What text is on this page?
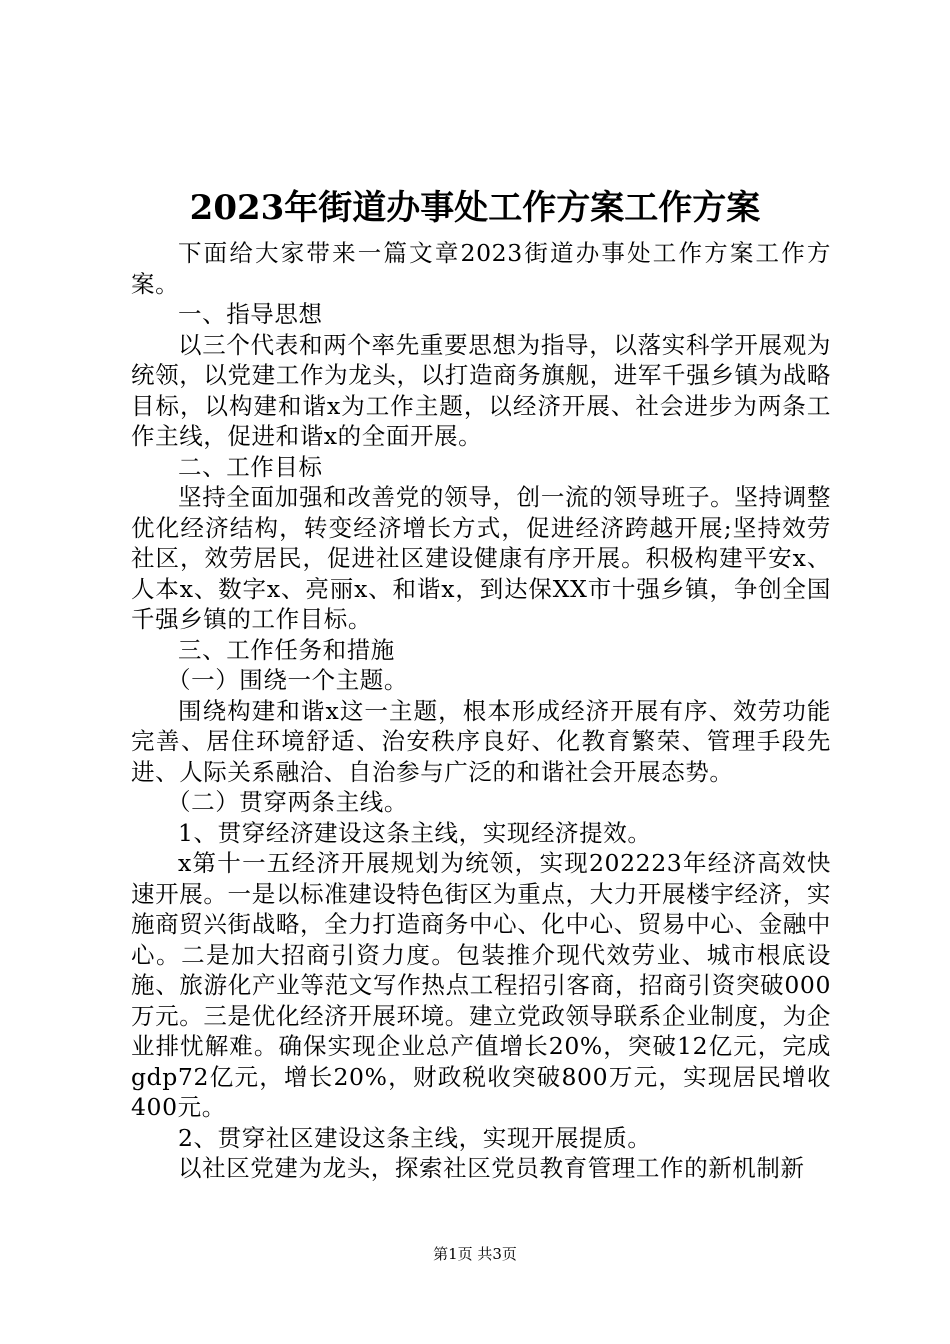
2023年街道办事处工作方案工作方案

下面给大家带来一篇文章2023街道办事处工作方案工作方案。

一、指导思想

以三个代表和两个率先重要思想为指导，以落实科学开展观为统领，以党建工作为龙头，以打造商务旗舰，进军千强乡镇为战略目标，以构建和谐x为工作主题，以经济开展、社会进步为两条工作主线，促进和谐x的全面开展。

二、工作目标

坚持全面加强和改善党的领导，创一流的领导班子。坚持调整优化经济结构，转变经济增长方式，促进经济跨越开展;坚持效劳社区，效劳居民，促进社区建设健康有序开展。积极构建平安x、人本x、数字x、亮丽x、和谐x，到达保XX市十强乡镇，争创全国千强乡镇的工作目标。

三、工作任务和措施

（一）围绕一个主题。

围绕构建和谐x这一主题，根本形成经济开展有序、效劳功能完善、居住环境舒适、治安秩序良好、化教育繁荣、管理手段先进、人际关系融洽、自治参与广泛的和谐社会开展态势。

（二）贯穿两条主线。

1、贯穿经济建设这条主线，实现经济提效。

x第十一五经济开展规划为统领，实现202223年经济高效快速开展。一是以标准建设特色街区为重点，大力开展楼宇经济，实施商贸兴街战略，全力打造商务中心、化中心、贸易中心、金融中心。二是加大招商引资力度。包装推介现代效劳业、城市根底设施、旅游化产业等范文写作热点工程招引客商，招商引资突破000万元。三是优化经济开展环境。建立党政领导联系企业制度，为企业排忧解难。确保实现企业总产值增长20%，突破12亿元，完成gdp72亿元，增长20%，财政税收突破800万元，实现居民增收400元。

2、贯穿社区建设这条主线，实现开展提质。

以社区党建为龙头，探索社区党员教育管理工作的新机制新

第1页 共3页
